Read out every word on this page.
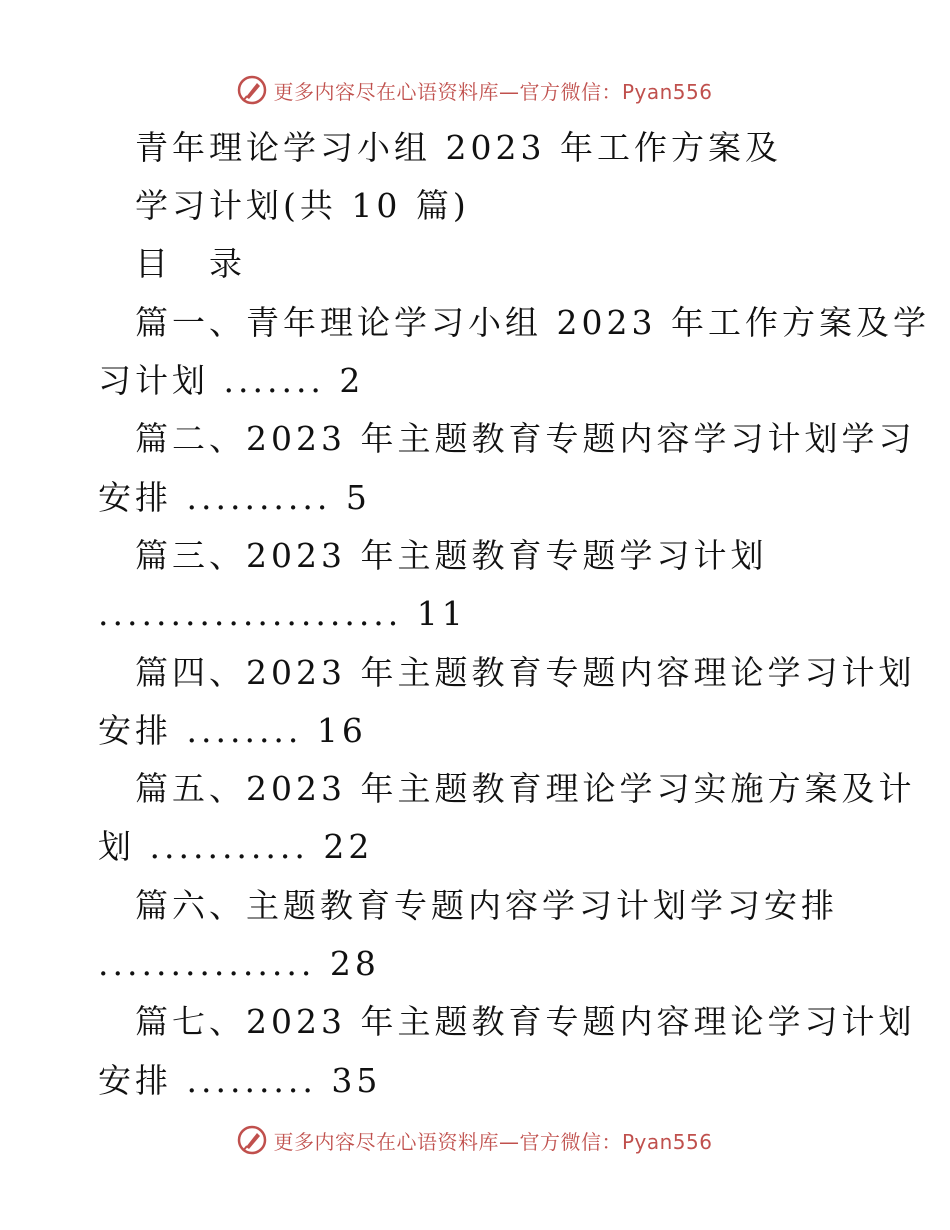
更多内容尽在心语资料库—官方微信：Pyan556
青年理论学习小组 2023 年工作方案及
学习计划(共 10 篇)
目　录
篇一、青年理论学习小组 2023 年工作方案及学
习计划 ....... 2
篇二、2023 年主题教育专题内容学习计划学习
安排 .......... 5
篇三、2023 年主题教育专题学习计划
..................... 11
篇四、2023 年主题教育专题内容理论学习计划
安排 ........ 16
篇五、2023 年主题教育理论学习实施方案及计
划 ........... 22
篇六、主题教育专题内容学习计划学习安排
............... 28
篇七、2023 年主题教育专题内容理论学习计划
安排 ......... 35
更多内容尽在心语资料库—官方微信：Pyan556
